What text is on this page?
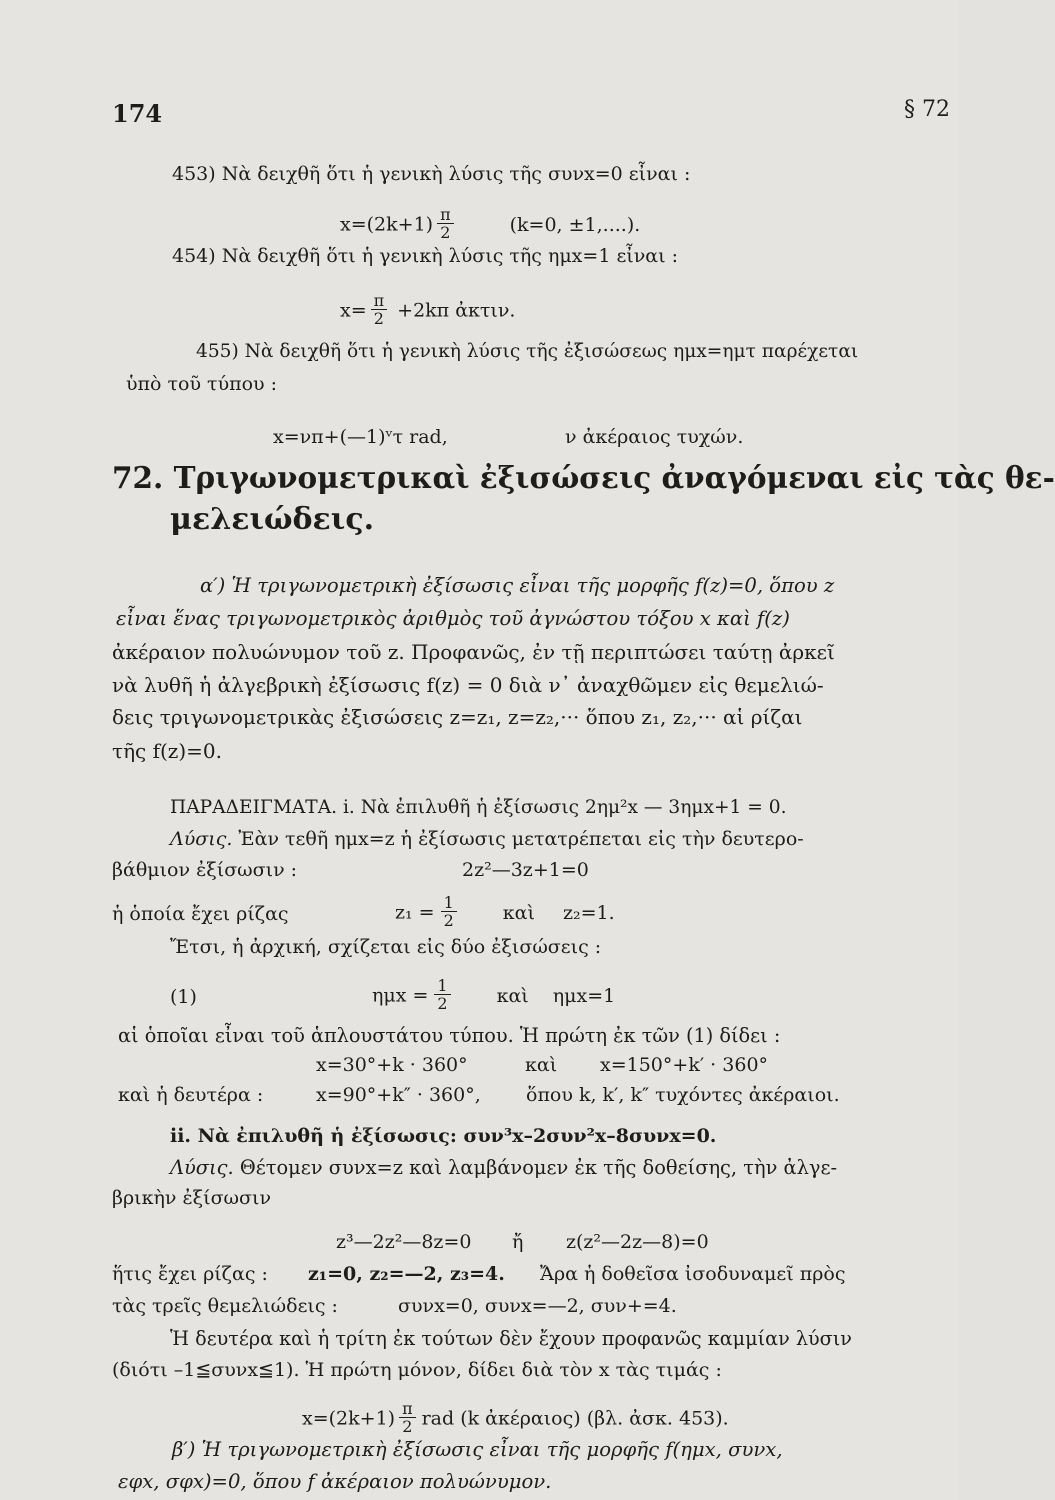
174	§ 72
453) Νὰ δειχθῆ ὅτι ἡ γενικὴ λύσις τῆς συνx=0 εἶναι :
$x=(2k+1) \frac{\pi}{2}$	(k=0, ±1,....).
454) Νὰ δειχθῆ ὅτι ἡ γενικὴ λύσις τῆς ημx=1 εἶναι :
$x= \frac{\pi}{2} +2k\pi$ ἀκτιν.
455) Νὰ δειχθῆ ὅτι ἡ γενικὴ λύσις τῆς ἐξισώσεως ημx=ημτ παρέχεται
ὑπὸ τοῦ τύπου :
x=νπ+(—1)ᵛτ rad,	ν ἀκέραιος τυχών.
72. Τριγωνομετρικαὶ ἐξισώσεις ἀναγόμεναι εἰς τὰς θε-
μελειώδεις.
α′) Ἡ τριγωνομετρικὴ ἐξίσωσις εἶναι τῆς μορφῆς f(z)=0, ὅπου z
εἶναι ἕνας τριγωνομετρικὸς ἀριθμὸς τοῦ ἀγνώστου τόξου x καὶ f(z)
ἀκέραιον πολυώνυμον τοῦ z. Προφανῶς, ἐν τῇ περιπτώσει ταύτῃ ἀρκεῖ
νὰ λυθῆ ἡ ἀλγεβρικὴ ἐξίσωσις f(z) = 0 διὰ ν᾽ ἀναχθῶμεν εἰς θεμελιώ-
δεις τριγωνομετρικὰς ἐξισώσεις z=z₁, z=z₂,··· ὅπου z₁, z₂,··· αἱ ρίζαι
τῆς f(z)=0.
ΠΑΡΑΔΕΙΓΜΑΤΑ. i. Νὰ ἐπιλυθῆ ἡ ἐξίσωσις 2ημ²x — 3ημx+1 = 0.
Λύσις. Ἐὰν τεθῆ ημx=z ἡ ἐξίσωσις μετατρέπεται εἰς τὴν δευτερο-
βάθμιον ἐξίσωσιν :	2z²—3z+1=0
ἡ ὁποία ἔχει ρίζας	$z_1 = \frac{1}{2}$ καὶ z₂=1.
Ἔτσι, ἡ ἀρχική, σχίζεται εἰς δύο ἐξισώσεις :
(1)	$\eta\mu x = \frac{1}{2}$ καὶ ημx=1
αἱ ὁποῖαι εἶναι τοῦ ἁπλουστάτου τύπου. Ἡ πρώτη ἐκ τῶν (1) δίδει :
x=30°+k · 360°	καὶ x=150°+k′ · 360°
καὶ ἡ δευτέρα :	x=90°+k″ · 360°, ὅπου k, k′, k″ τυχόντες ἀκέραιοι.
ii. Νὰ ἐπιλυθῆ ἡ ἐξίσωσις: συν³x–2συν²x–8συνx=0.
Λύσις. Θέτομεν συνx=z καὶ λαμβάνομεν ἐκ τῆς δοθείσης, τὴν ἀλγε-
βρικὴν ἐξίσωσιν
z³—2z²—8z=0 ἤ z(z²—2z—8)=0
ἥτις ἔχει ρίζας : z₁=0, z₂=—2, z₃=4. Ἄρα ἡ δοθεῖσα ἰσοδυναμεῖ πρὸς
τὰς τρεῖς θεμελιώδεις :	συνx=0, συνx=—2, συν+=4.
Ἡ δευτέρα καὶ ἡ τρίτη ἐκ τούτων δὲν ἔχουν προφανῶς καμμίαν λύσιν
(διότι –1≦συνx≦1). Ἡ πρώτη μόνον, δίδει διὰ τὸν x τὰς τιμάς :
$x=(2k+1) \frac{\pi}{2}$ rad (k ἀκέραιος) (βλ. ἀσκ. 453).
β′) Ἡ τριγωνομετρικὴ ἐξίσωσις εἶναι τῆς μορφῆς f(ημx, συνx,
εφx, σφx)=0, ὅπου f ἀκέραιον πολυώνυμον.
